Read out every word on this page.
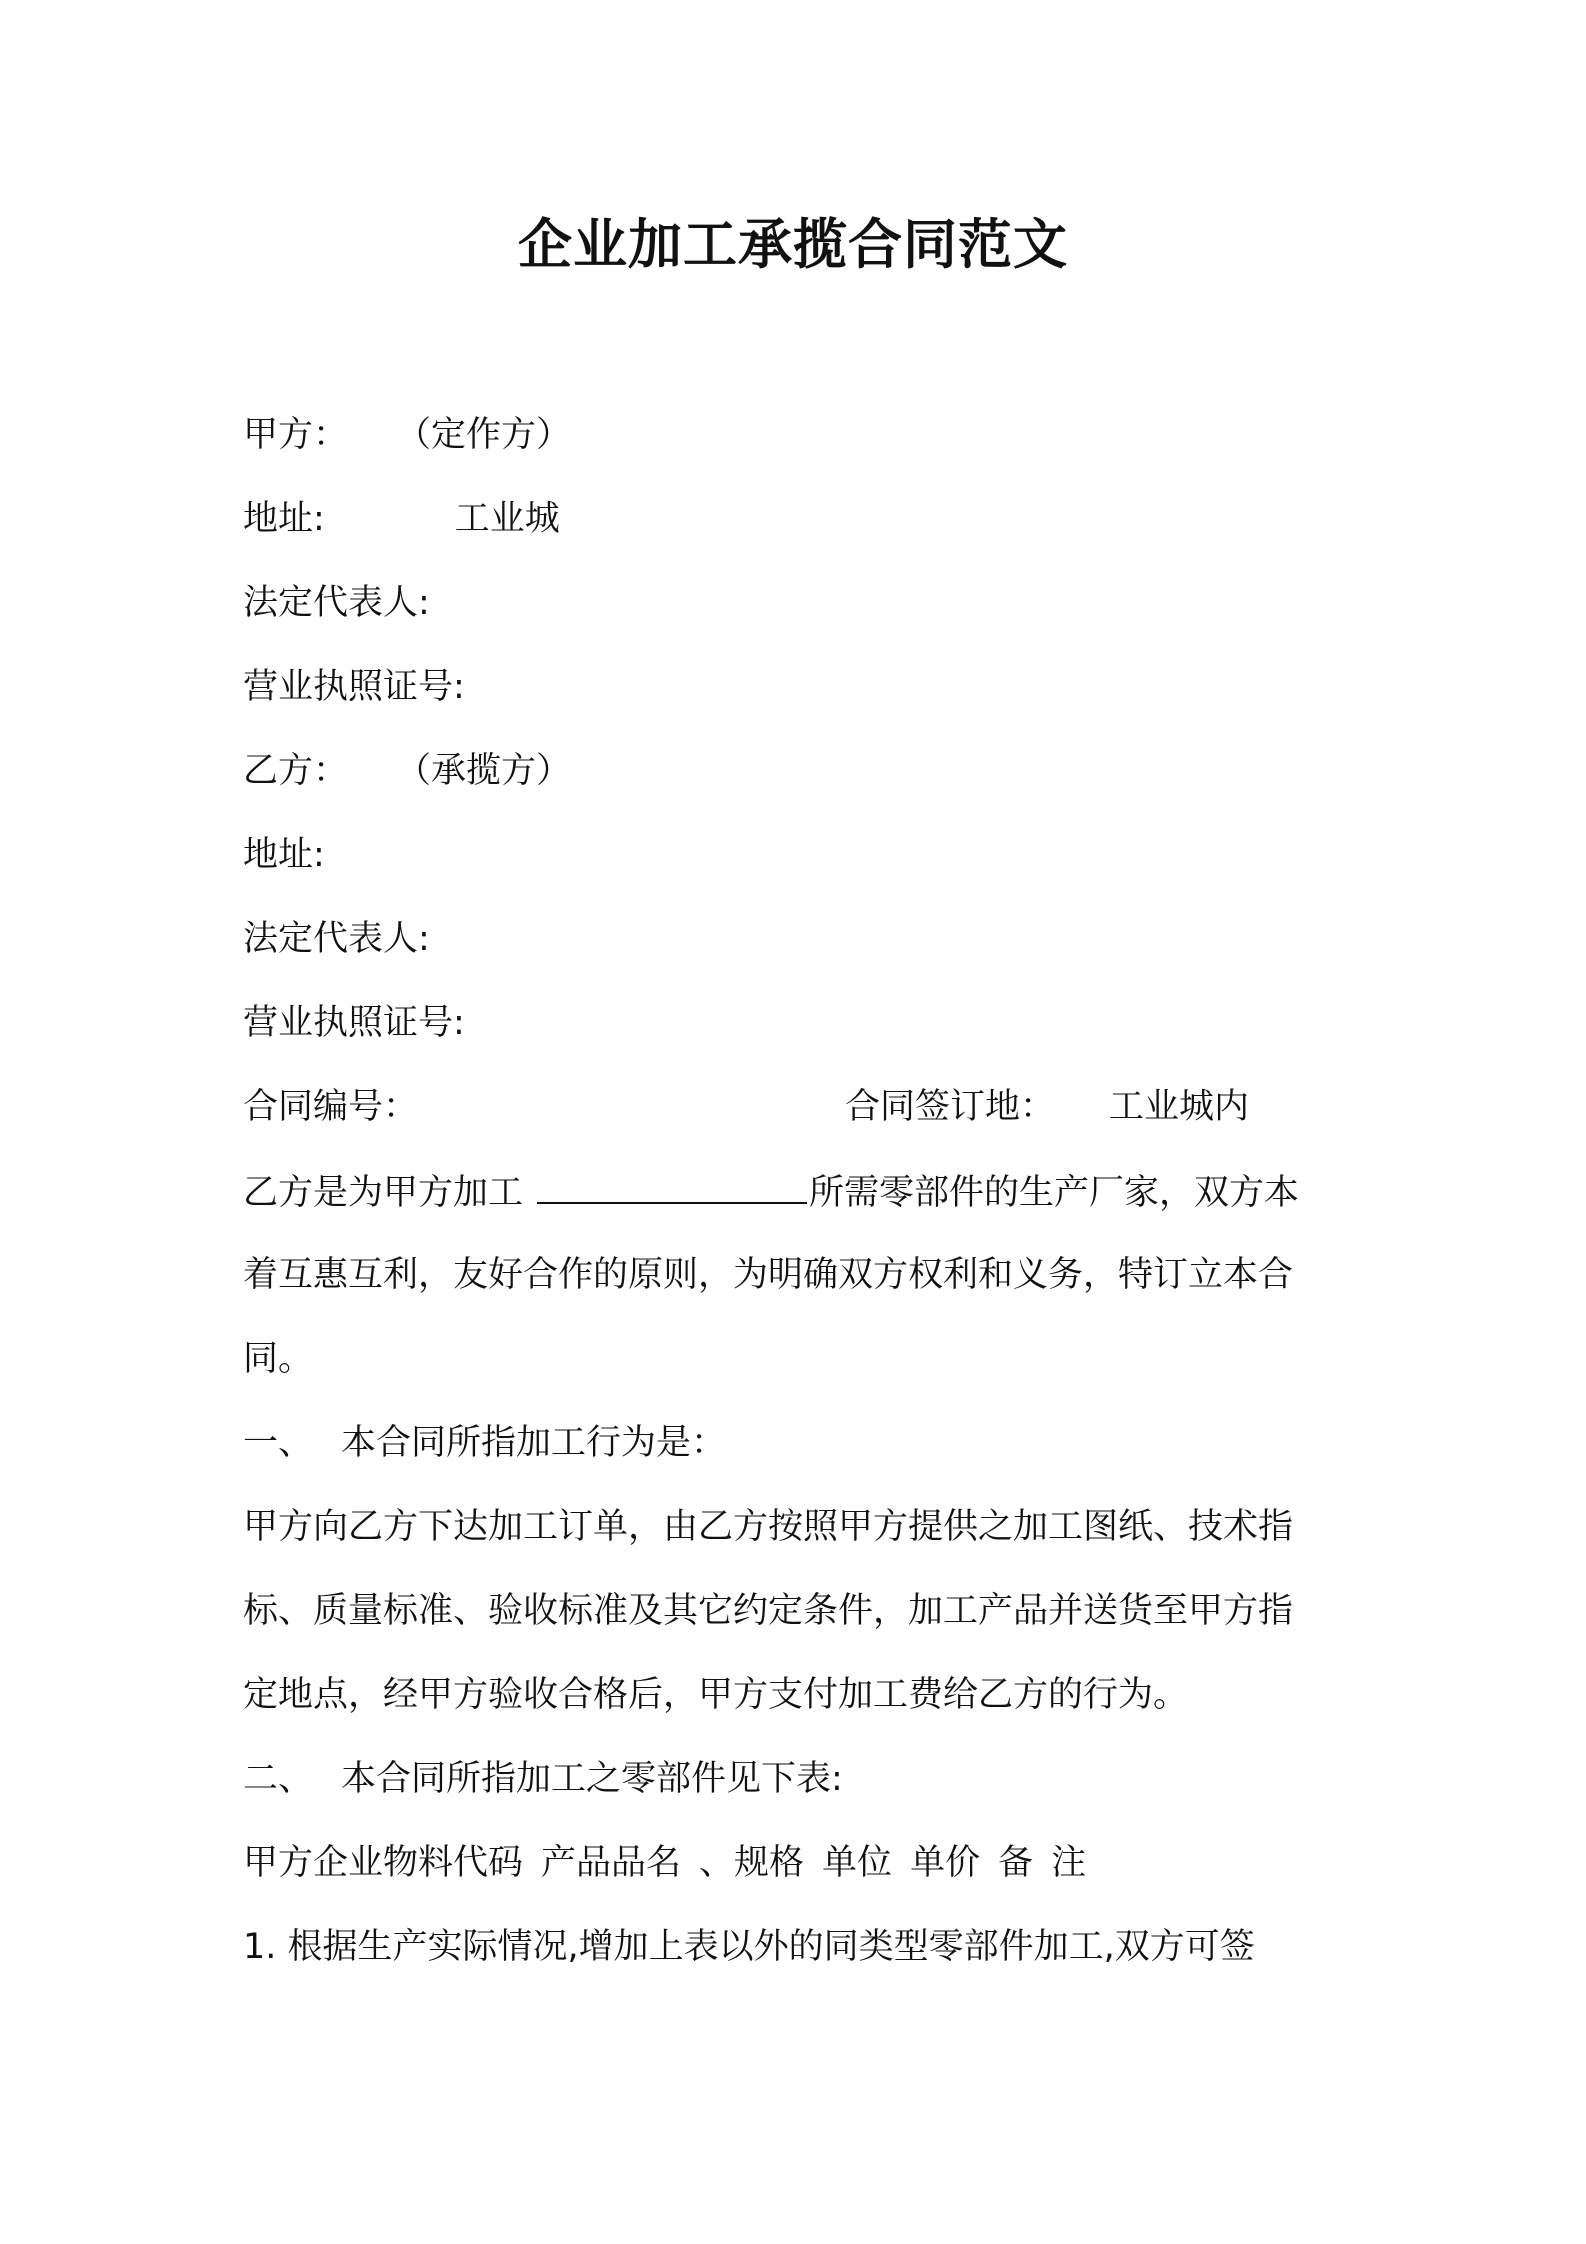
企业加工承揽合同范文
甲方： （定作方）
地址:	工业城
法定代表人:
营业执照证号:
乙方： （承揽方）
地址:
法定代表人:
营业执照证号:
合同编号：	合同签订地： 工业城内
乙方是为甲方加工	所需零部件的生产厂家，双方本
着互惠互利，友好合作的原则，为明确双方权利和义务，特订立本合
同。
一、 本合同所指加工行为是：
甲方向乙方下达加工订单，由乙方按照甲方提供之加工图纸、技术指
标、质量标准、验收标准及其它约定条件，加工产品并送货至甲方指
定地点，经甲方验收合格后，甲方支付加工费给乙方的行为。
二、 本合同所指加工之零部件见下表:
甲方企业物料代码 产品品名 、规格 单位 单价 备 注
1. 根据生产实际情况,增加上表以外的同类型零部件加工,双方可签
